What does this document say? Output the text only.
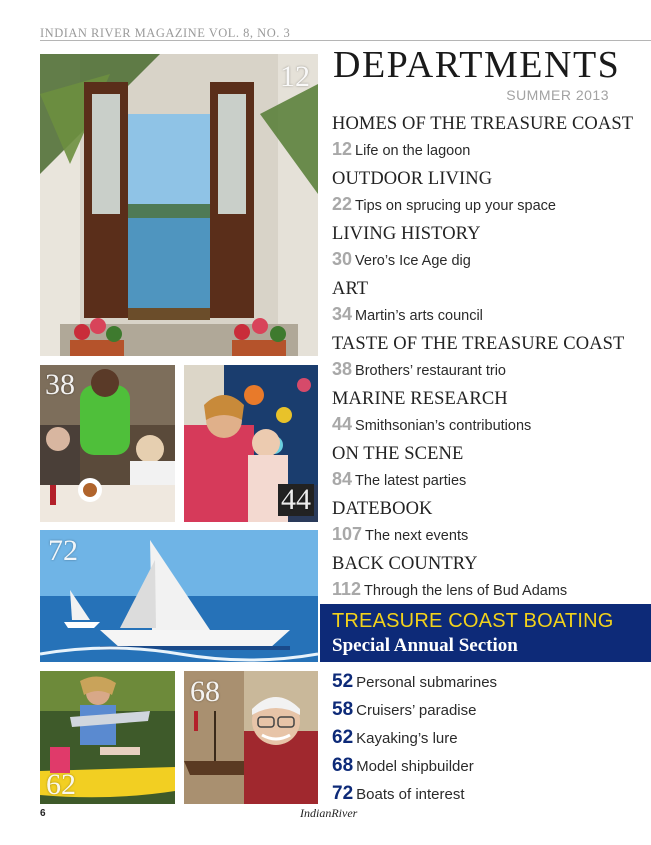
INDIAN RIVER MAGAZINE VOL. 8, NO. 3
12
38
44
72
62
68
DEPARTMENTS
SUMMER 2013
HOMES OF THE TREASURE COAST
12 Life on the lagoon
OUTDOOR LIVING
22 Tips on sprucing up your space
LIVING HISTORY
30 Vero’s Ice Age dig
ART
34 Martin’s arts council
TASTE OF THE TREASURE COAST
38 Brothers’ restaurant trio
MARINE RESEARCH
44 Smithsonian’s contributions
ON THE SCENE
84 The latest parties
DATEBOOK
107 The next events
BACK COUNTRY
112 Through the lens of Bud Adams
TREASURE COAST BOATING
Special Annual Section
52 Personal submarines
58 Cruisers’ paradise
62 Kayaking’s lure
68 Model shipbuilder
72 Boats of interest
6	IndianRiver
